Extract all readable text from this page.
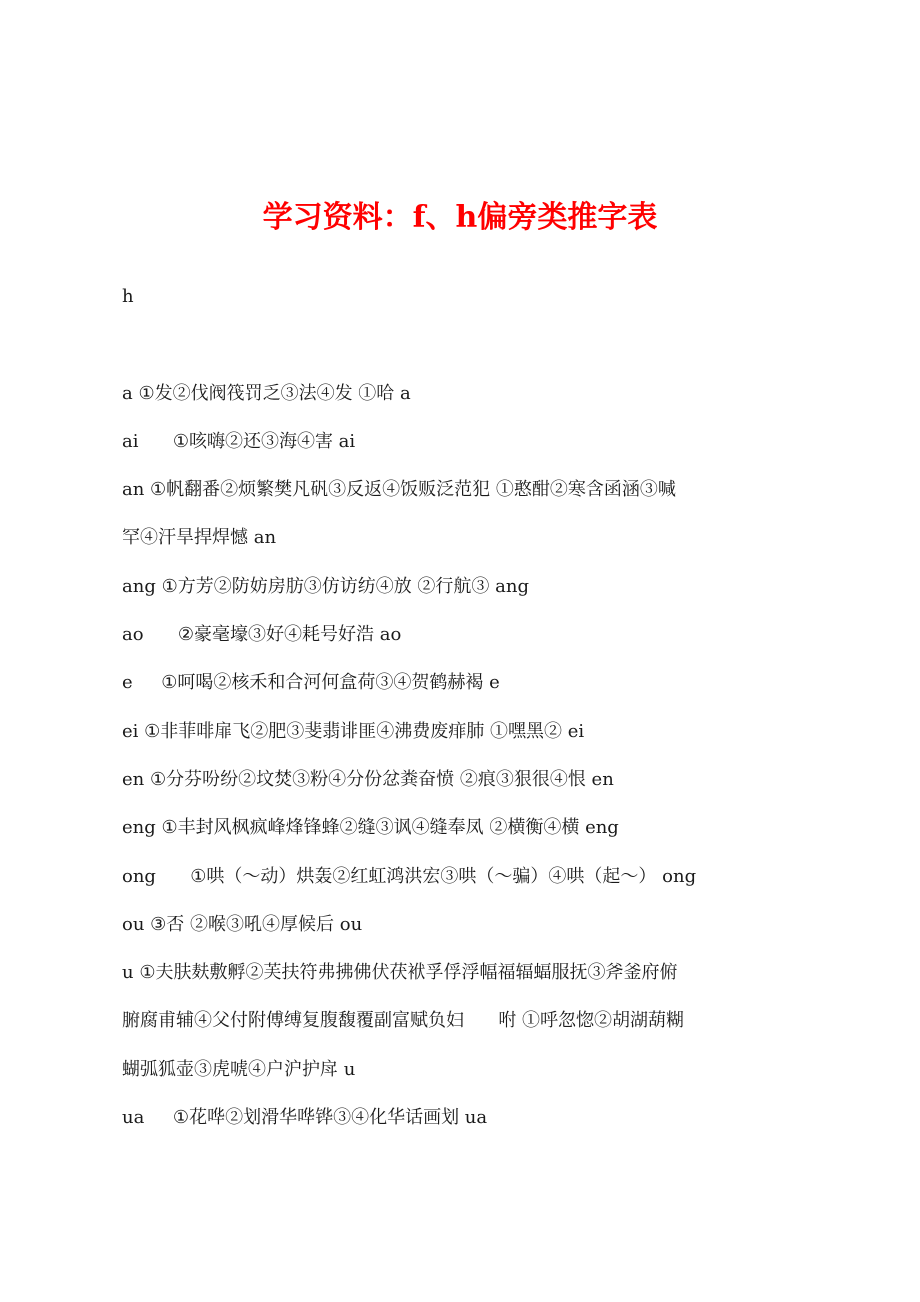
学习资料：f、h偏旁类推字表
h
a ①发②伐阀筏罚乏③法④发 ①哈 a
ai      ①咳嗨②还③海④害 ai
an ①帆翻番②烦繁樊凡矾③反返④饭贩泛范犯 ①憨酣②寒含函涵③喊
罕④汗旱捍焊憾 an
ang ①方芳②防妨房肪③仿访纺④放 ②行航③ ang
ao      ②豪毫壕③好④耗号好浩 ao
e     ①呵喝②核禾和合河何盒荷③④贺鹤赫褐 e
ei ①非菲啡扉飞②肥③斐翡诽匪④沸费废痱肺 ①嘿黑② ei
en ①分芬吩纷②坟焚③粉④分份忿粪奋愤 ②痕③狠很④恨 en
eng ①丰封风枫疯峰烽锋蜂②缝③讽④缝奉凤 ②横衡④横 eng
ong      ①哄（～动）烘轰②红虹鸿洪宏③哄（～骗）④哄（起～） ong
ou ③否 ②喉③吼④厚候后 ou
u ①夫肤麸敷孵②芙扶符弗拂佛伏茯袱孚俘浮幅福辐蝠服抚③斧釜府俯
腑腐甫辅④父付附傅缚复腹馥覆副富赋负妇      咐 ①呼忽惚②胡湖葫糊
蝴弧狐壶③虎唬④户沪护戽 u
ua     ①花哗②划滑华哗铧③④化华话画划 ua
